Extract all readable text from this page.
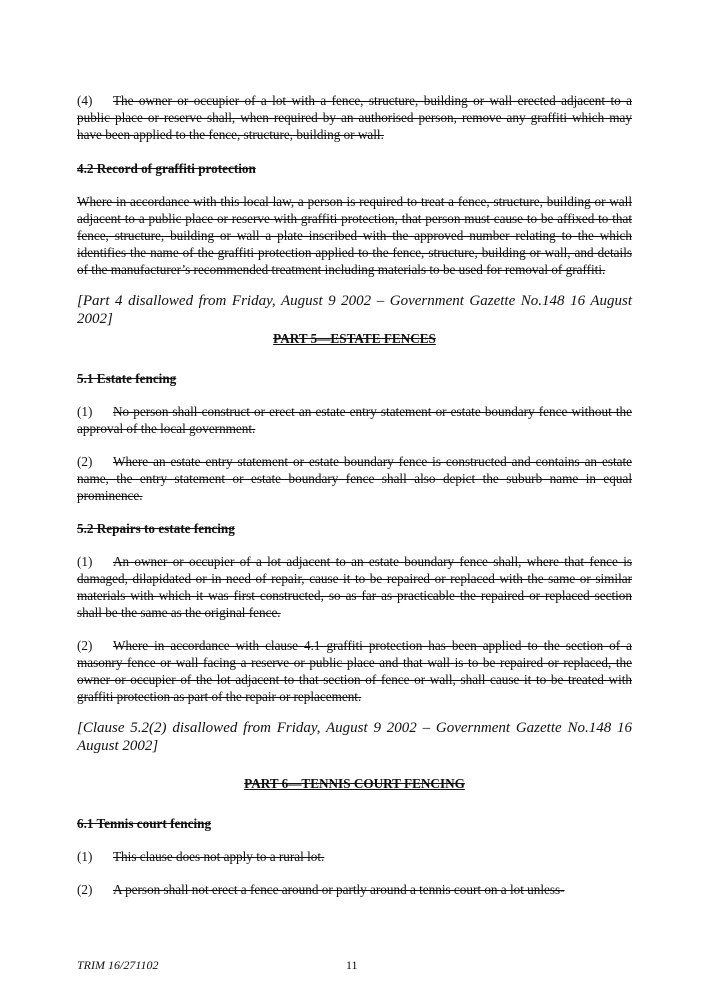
(4) The owner or occupier of a lot with a fence, structure, building or wall erected adjacent to a public place or reserve shall, when required by an authorised person, remove any graffiti which may have been applied to the fence, structure, building or wall.

4.2 Record of graffiti protection

Where in accordance with this local law, a person is required to treat a fence, structure, building or wall adjacent to a public place or reserve with graffiti protection, that person must cause to be affixed to that fence, structure, building or wall a plate inscribed with the approved number relating to the which identifies the name of the graffiti protection applied to the fence, structure, building or wall, and details of the manufacturer’s recommended treatment including materials to be used for removal of graffiti.

[Part 4 disallowed from Friday, August 9 2002 – Government Gazette No.148 16 August 2002]

PART 5—ESTATE FENCES

5.1 Estate fencing

(1) No person shall construct or erect an estate entry statement or estate boundary fence without the approval of the local government.

(2) Where an estate entry statement or estate boundary fence is constructed and contains an estate name, the entry statement or estate boundary fence shall also depict the suburb name in equal prominence.

5.2 Repairs to estate fencing

(1) An owner or occupier of a lot adjacent to an estate boundary fence shall, where that fence is damaged, dilapidated or in need of repair, cause it to be repaired or replaced with the same or similar materials with which it was first constructed, so as far as practicable the repaired or replaced section shall be the same as the original fence.

(2) Where in accordance with clause 4.1 graffiti protection has been applied to the section of a masonry fence or wall facing a reserve or public place and that wall is to be repaired or replaced, the owner or occupier of the lot adjacent to that section of fence or wall, shall cause it to be treated with graffiti protection as part of the repair or replacement.

[Clause 5.2(2) disallowed from Friday, August 9 2002 – Government Gazette No.148 16 August 2002]

PART 6—TENNIS COURT FENCING

6.1 Tennis court fencing

(1) This clause does not apply to a rural lot.

(2) A person shall not erect a fence around or partly around a tennis court on a lot unless-

TRIM 16/271102	11
